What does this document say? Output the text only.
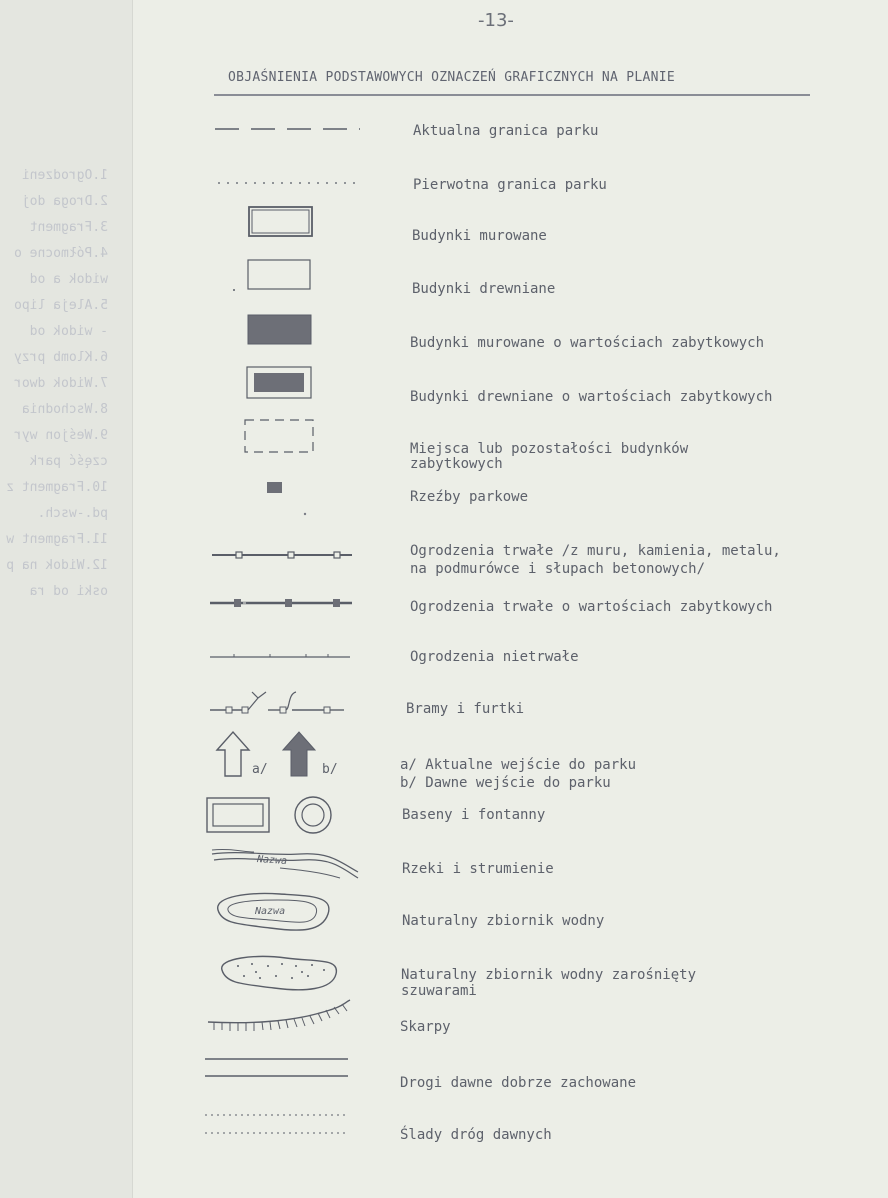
1.Ogrodzeni
2.Droga doj
3.Fragment
4.Półmocne o
widok a od
5.Aleja lipo
- widok od
6.Klomb przy
7.Widok dwor
8.Wschodnia
9.Weśjon wyr
część park
10.Fragment z
pd.-wsch.
11.Fragment w
12.Widok na p
oski od ra
-13-
OBJAŚNIENIA PODSTAWOWYCH OZNACZEŃ GRAFICZNYCH NA PLANIE
Aktualna granica parku
Pierwotna granica parku
Budynki murowane
Budynki drewniane
Budynki murowane o wartościach zabytkowych
Budynki drewniane o wartościach zabytkowych
Miejsca lub pozostałości budynków
zabytkowych
Rzeźby parkowe
Ogrodzenia trwałe /z muru, kamienia, metalu,
na podmurówce i słupach betonowych/
Ogrodzenia trwałe o wartościach zabytkowych
Ogrodzenia nietrwałe
Bramy i furtki
a/	b/	a/ Aktualne wejście do parku
b/ Dawne wejście do parku
Baseny i fontanny
Nazwa
Rzeki i strumienie
Nazwa
Naturalny zbiornik wodny
Naturalny zbiornik wodny zarośnięty
szuwarami
Skarpy
Drogi dawne dobrze zachowane
Ślady dróg dawnych
